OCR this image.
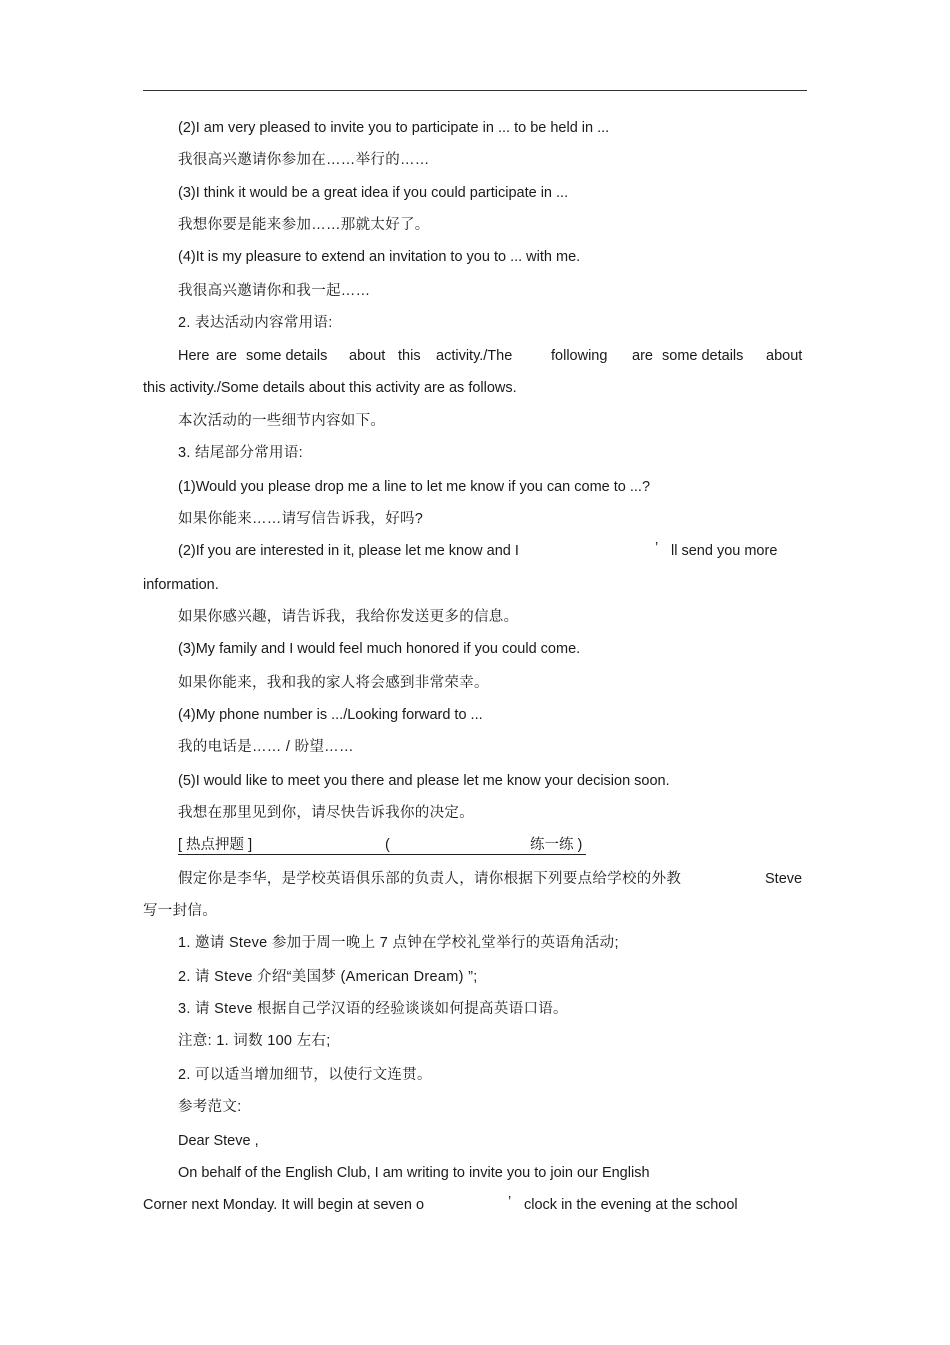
(2)I am very pleased to invite you to participate in ... to be held in ...
我很高兴邀请你参加在……举行的……
(3)I think it would be a great idea if you could participate in ...
我想你要是能来参加……那就太好了。
(4)It is my pleasure to extend an invitation to you to ... with me.
我很高兴邀请你和我一起……
2. 表达活动内容常用语:
Here are some details about this activity./The	following are some details about
this activity./Some details about this activity are as follows.
本次活动的一些细节内容如下。
3. 结尾部分常用语:
(1)Would you please drop me a line to let me know if you can come to ...?
如果你能来……请写信告诉我，好吗?
(2)If you are interested in it, please let me know and I	’ ll send you more
information.
如果你感兴趣，请告诉我，我给你发送更多的信息。
(3)My family and I would feel much honored if you could come.
如果你能来，我和我的家人将会感到非常荣幸。
(4)My phone number is .../Looking forward to ...
我的电话是…… / 盼望……
(5)I would like to meet you there and please let me know your decision soon.
我想在那里见到你，请尽快告诉我你的决定。
[ 热点押题 ]	(	练一练 )
假定你是李华，是学校英语俱乐部的负责人，请你根据下列要点给学校的外教	Steve
写一封信。
1. 邀请 Steve 参加于周一晚上 7 点钟在学校礼堂举行的英语角活动;
2. 请 Steve 介绍“美国梦 (American Dream) ”;
3. 请 Steve 根据自己学汉语的经验谈谈如何提高英语口语。
注意: 1. 词数 100 左右;
2. 可以适当增加细节，以使行文连贯。
参考范文:
Dear Steve ,
On behalf of the English Club, I am writing to invite you to join our English
Corner next Monday. It will begin at seven o	’ clock in the evening at the school
